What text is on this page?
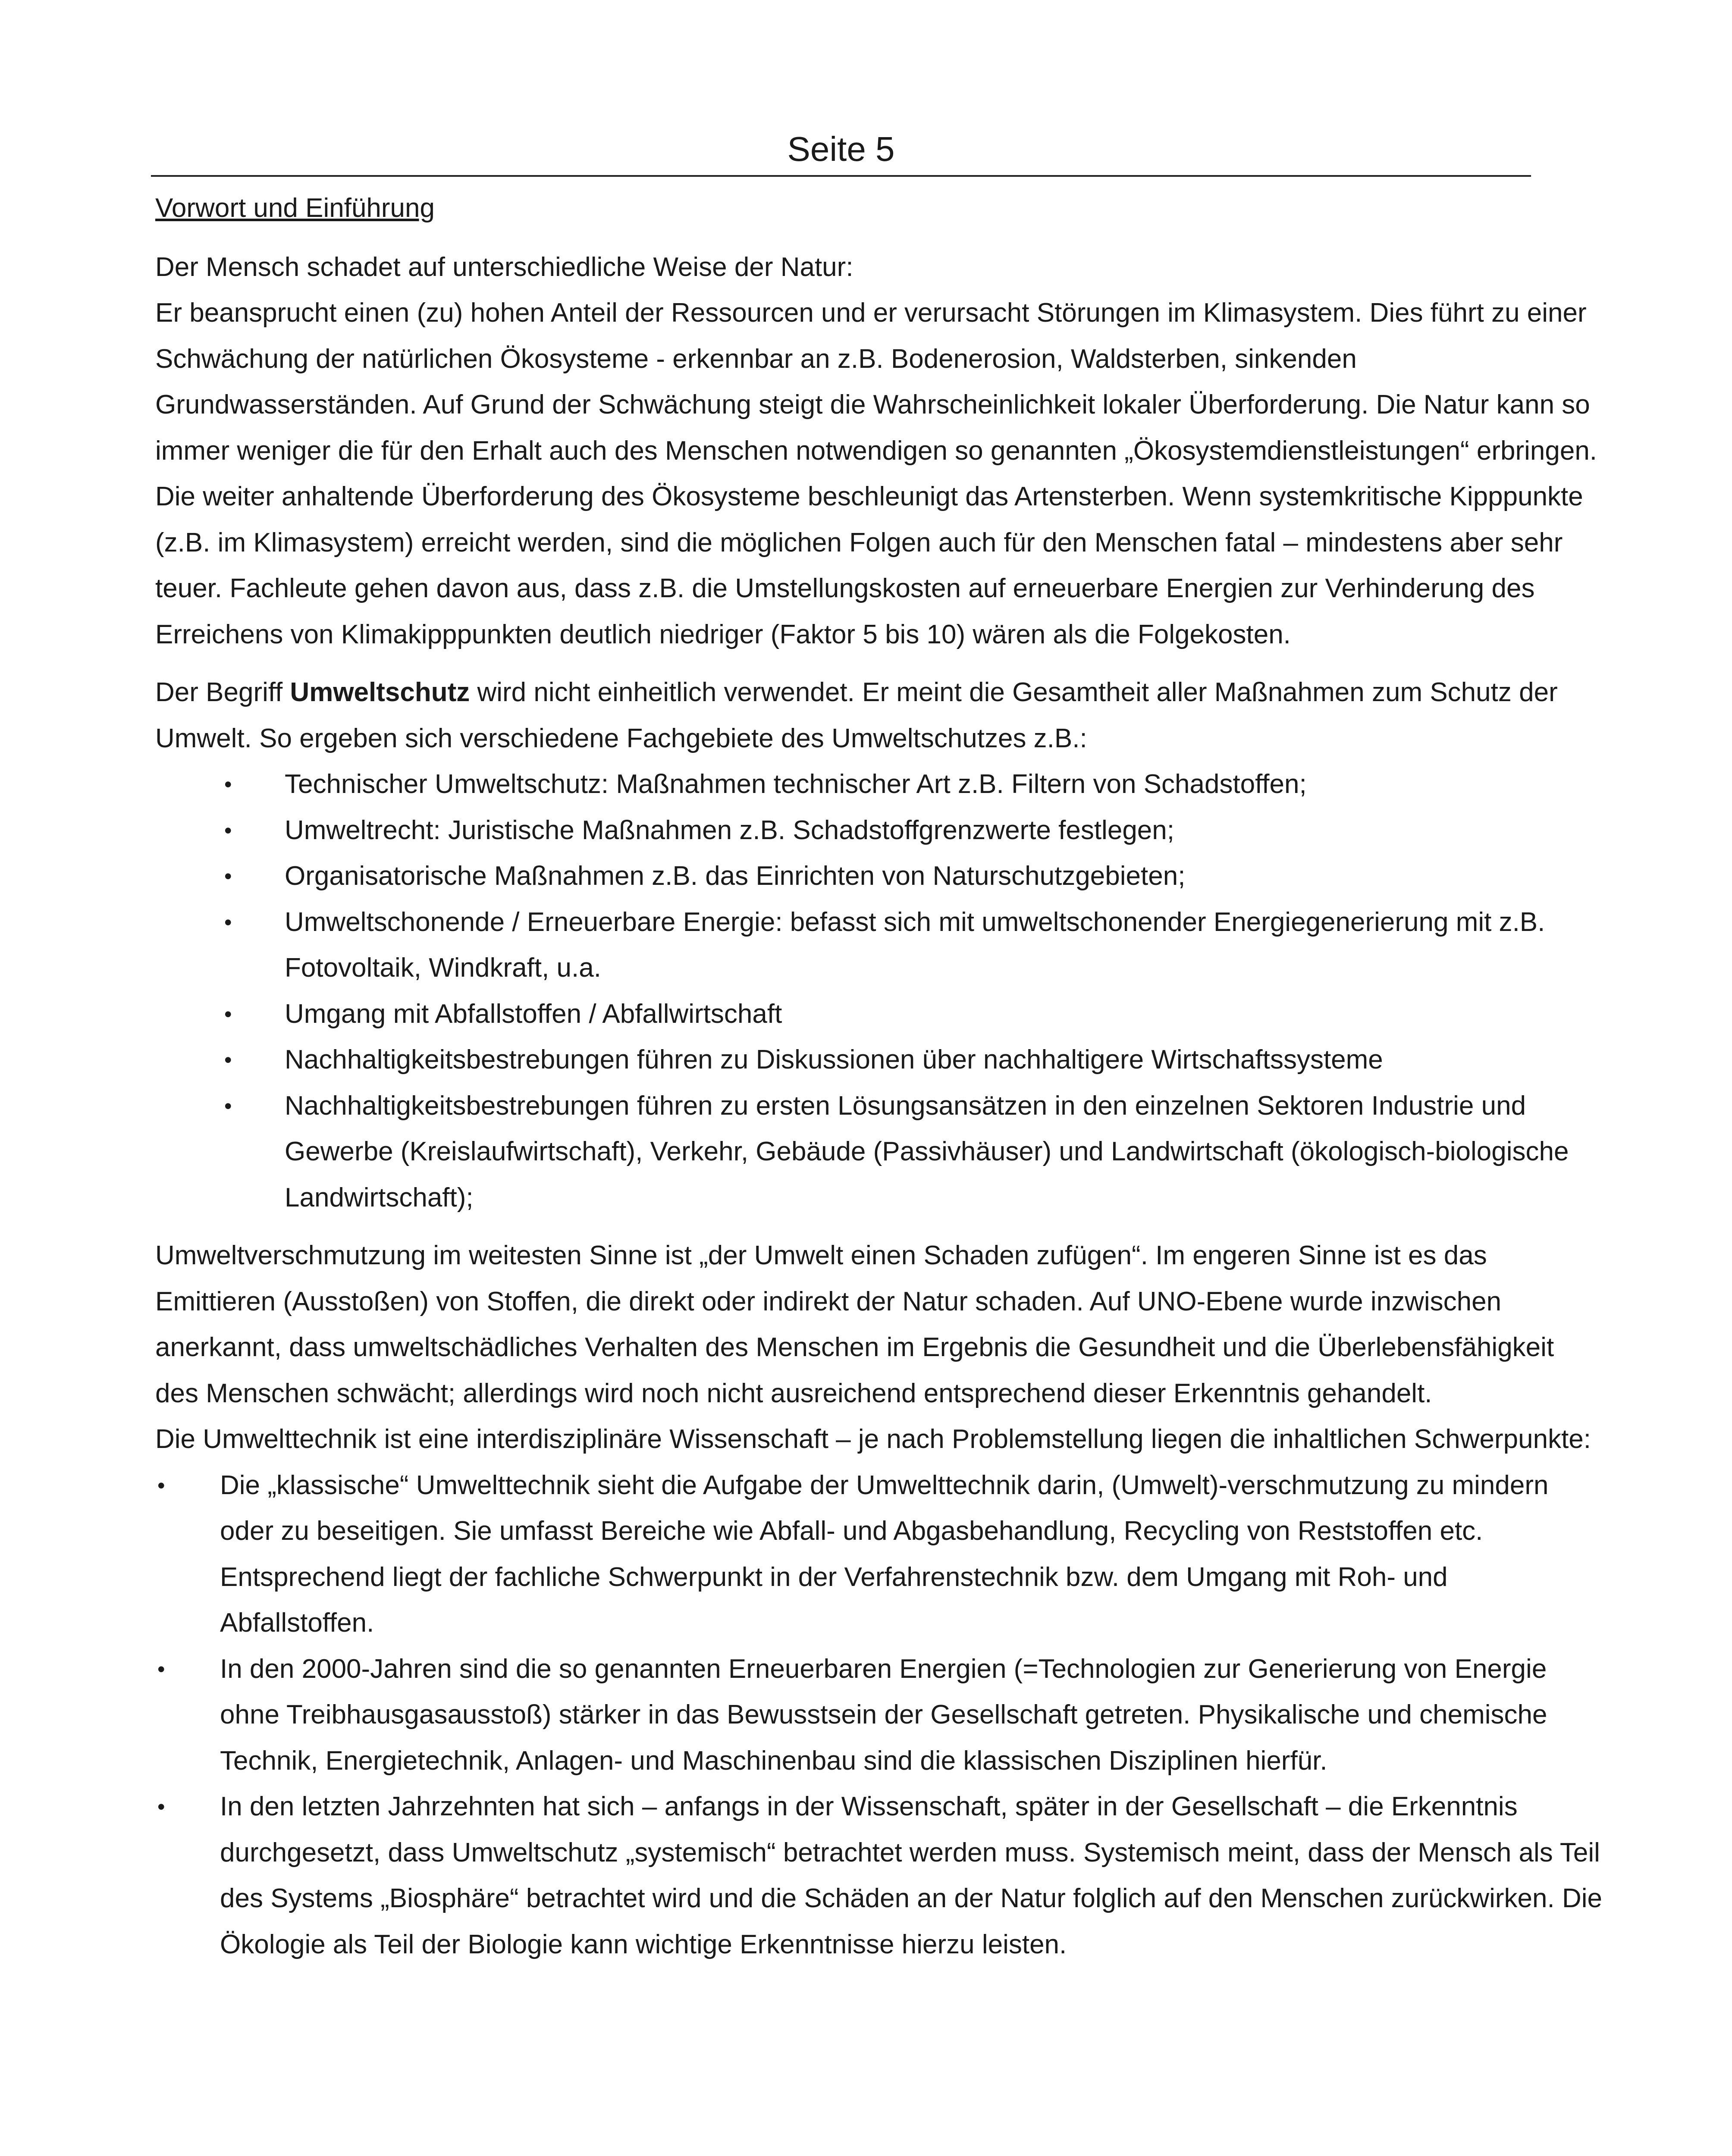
Seite 5

Vorwort und Einführung

Der Mensch schadet auf unterschiedliche Weise der Natur:

Er beansprucht einen (zu) hohen Anteil der Ressourcen und er verursacht Störungen im Klimasystem. Dies führt zu einer Schwächung der natürlichen Ökosysteme - erkennbar an z.B. Bodenerosion, Waldsterben, sinkenden Grundwasserständen. Auf Grund der Schwächung steigt die Wahrscheinlichkeit lokaler Überforderung. Die Natur kann so immer weniger die für den Erhalt auch des Menschen notwendigen so genannten „Ökosystemdienstleistungen“ erbringen. Die weiter anhaltende Überforderung des Ökosysteme beschleunigt das Artensterben. Wenn systemkritische Kipppunkte (z.B. im Klimasystem) erreicht werden, sind die möglichen Folgen auch für den Menschen fatal – mindestens aber sehr teuer. Fachleute gehen davon aus, dass z.B. die Umstellungskosten auf erneuerbare Energien zur Verhinderung des Erreichens von Klimakipppunkten deutlich niedriger (Faktor 5 bis 10) wären als die Folgekosten.

Der Begriff Umweltschutz wird nicht einheitlich verwendet. Er meint die Gesamtheit aller Maßnahmen zum Schutz der Umwelt. So ergeben sich verschiedene Fachgebiete des Umweltschutzes z.B.:

• Technischer Umweltschutz: Maßnahmen technischer Art z.B. Filtern von Schadstoffen;
• Umweltrecht: Juristische Maßnahmen z.B. Schadstoffgrenzwerte festlegen;
• Organisatorische Maßnahmen z.B. das Einrichten von Naturschutzgebieten;
• Umweltschonende / Erneuerbare Energie: befasst sich mit umweltschonender Energiegenerierung mit z.B. Fotovoltaik, Windkraft, u.a.
• Umgang mit Abfallstoffen / Abfallwirtschaft
• Nachhaltigkeitsbestrebungen führen zu Diskussionen über nachhaltigere Wirtschaftssysteme
• Nachhaltigkeitsbestrebungen führen zu ersten Lösungsansätzen in den einzelnen Sektoren Industrie und Gewerbe (Kreislaufwirtschaft), Verkehr, Gebäude (Passivhäuser) und Landwirtschaft (ökologisch-biologische Landwirtschaft);

Umweltverschmutzung im weitesten Sinne ist „der Umwelt einen Schaden zufügen“. Im engeren Sinne ist es das Emittieren (Ausstoßen) von Stoffen, die direkt oder indirekt der Natur schaden. Auf UNO-Ebene wurde inzwischen anerkannt, dass umweltschädliches Verhalten des Menschen im Ergebnis die Gesundheit und die Überlebensfähigkeit des Menschen schwächt; allerdings wird noch nicht ausreichend entsprechend dieser Erkenntnis gehandelt.

Die Umwelttechnik ist eine interdisziplinäre Wissenschaft – je nach Problemstellung liegen die inhaltlichen Schwerpunkte:

• Die „klassische“ Umwelttechnik sieht die Aufgabe der Umwelttechnik darin, (Umwelt)-verschmutzung zu mindern oder zu beseitigen. Sie umfasst Bereiche wie Abfall- und Abgasbehandlung, Recycling von Reststoffen etc. Entsprechend liegt der fachliche Schwerpunkt in der Verfahrenstechnik bzw. dem Umgang mit Roh- und Abfallstoffen.
• In den 2000-Jahren sind die so genannten Erneuerbaren Energien (=Technologien zur Generierung von Energie ohne Treibhausgasausstoß) stärker in das Bewusstsein der Gesellschaft getreten. Physikalische und chemische Technik, Energietechnik, Anlagen- und Maschinenbau sind die klassischen Disziplinen hierfür.
• In den letzten Jahrzehnten hat sich – anfangs in der Wissenschaft, später in der Gesellschaft – die Erkenntnis durchgesetzt, dass Umweltschutz „systemisch“ betrachtet werden muss. Systemisch meint, dass der Mensch als Teil des Systems „Biosphäre“ betrachtet wird und die Schäden an der Natur folglich auf den Menschen zurückwirken. Die Ökologie als Teil der Biologie kann wichtige Erkenntnisse hierzu leisten.
